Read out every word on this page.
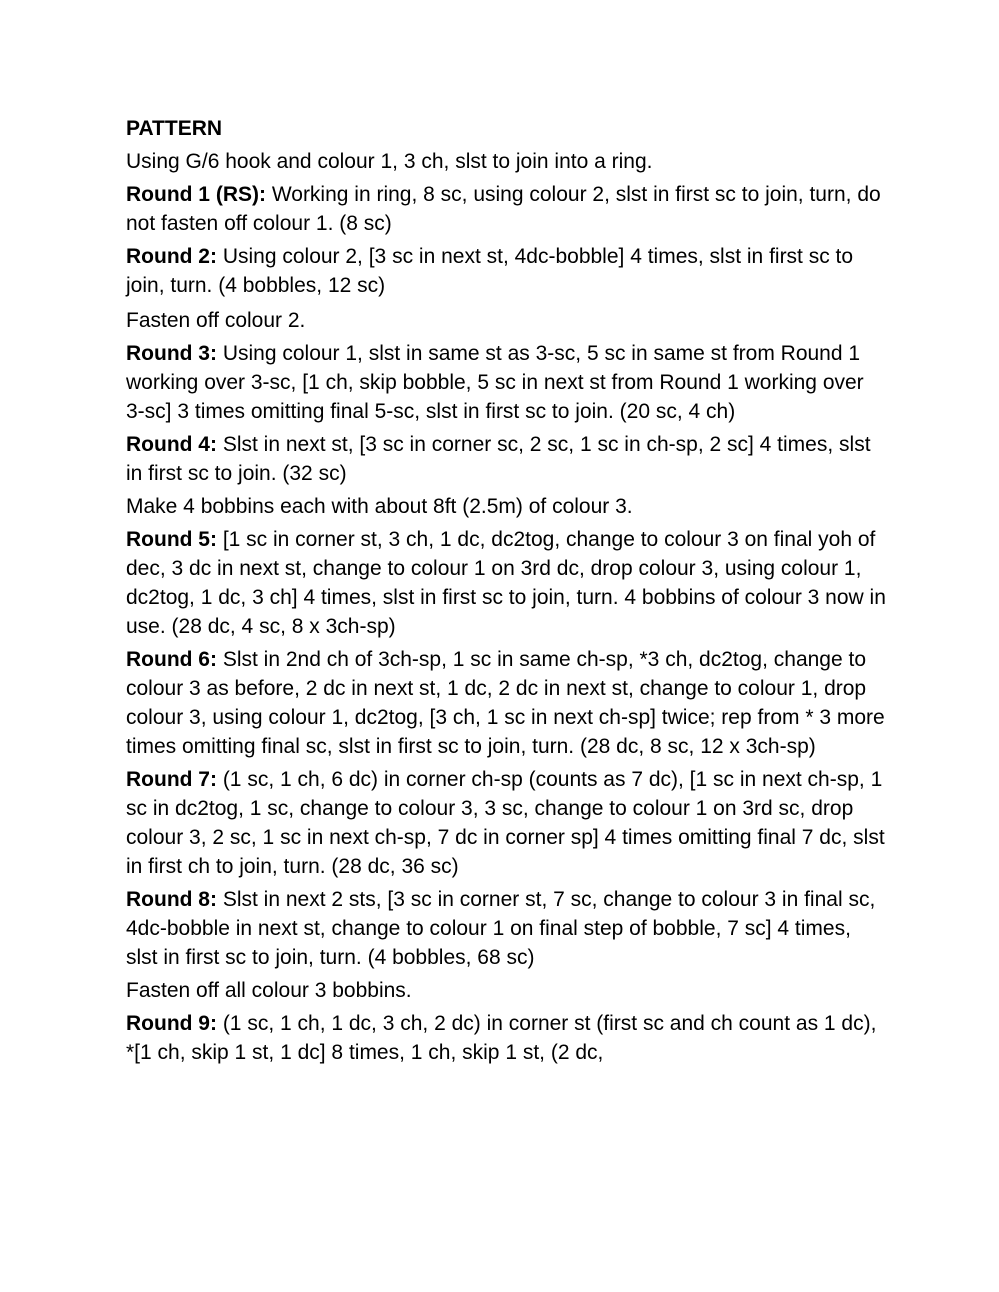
PATTERN
Using G/6 hook and colour 1, 3 ch, slst to join into a ring.
Round 1 (RS): Working in ring, 8 sc, using colour 2, slst in first sc to join, turn, do not fasten off colour 1. (8 sc)
Round 2: Using colour 2, [3 sc in next st, 4dc-bobble] 4 times, slst in first sc to join, turn. (4 bobbles, 12 sc)
Fasten off colour 2.
Round 3: Using colour 1, slst in same st as 3-sc, 5 sc in same st from Round 1 working over 3-sc, [1 ch, skip bobble, 5 sc in next st from Round 1 working over 3-sc] 3 times omitting final 5-sc, slst in first sc to join. (20 sc, 4 ch)
Round 4: Slst in next st, [3 sc in corner sc, 2 sc, 1 sc in ch-sp, 2 sc] 4 times, slst in first sc to join. (32 sc)
Make 4 bobbins each with about 8ft (2.5m) of colour 3.
Round 5: [1 sc in corner st, 3 ch, 1 dc, dc2tog, change to colour 3 on final yoh of dec, 3 dc in next st, change to colour 1 on 3rd dc, drop colour 3, using colour 1, dc2tog, 1 dc, 3 ch] 4 times, slst in first sc to join, turn. 4 bobbins of colour 3 now in use. (28 dc, 4 sc, 8 x 3ch-sp)
Round 6: Slst in 2nd ch of 3ch-sp, 1 sc in same ch-sp, *3 ch, dc2tog, change to colour 3 as before, 2 dc in next st, 1 dc, 2 dc in next st, change to colour 1, drop colour 3, using colour 1, dc2tog, [3 ch, 1 sc in next ch-sp] twice; rep from * 3 more times omitting final sc, slst in first sc to join, turn. (28 dc, 8 sc, 12 x 3ch-sp)
Round 7: (1 sc, 1 ch, 6 dc) in corner ch-sp (counts as 7 dc), [1 sc in next ch-sp, 1 sc in dc2tog, 1 sc, change to colour 3, 3 sc, change to colour 1 on 3rd sc, drop colour 3, 2 sc, 1 sc in next ch-sp, 7 dc in corner sp] 4 times omitting final 7 dc, slst in first ch to join, turn. (28 dc, 36 sc)
Round 8: Slst in next 2 sts, [3 sc in corner st, 7 sc, change to colour 3 in final sc, 4dc-bobble in next st, change to colour 1 on final step of bobble, 7 sc] 4 times, slst in first sc to join, turn. (4 bobbles, 68 sc)
Fasten off all colour 3 bobbins.
Round 9: (1 sc, 1 ch, 1 dc, 3 ch, 2 dc) in corner st (first sc and ch count as 1 dc), *[1 ch, skip 1 st, 1 dc] 8 times, 1 ch, skip 1 st, (2 dc,
